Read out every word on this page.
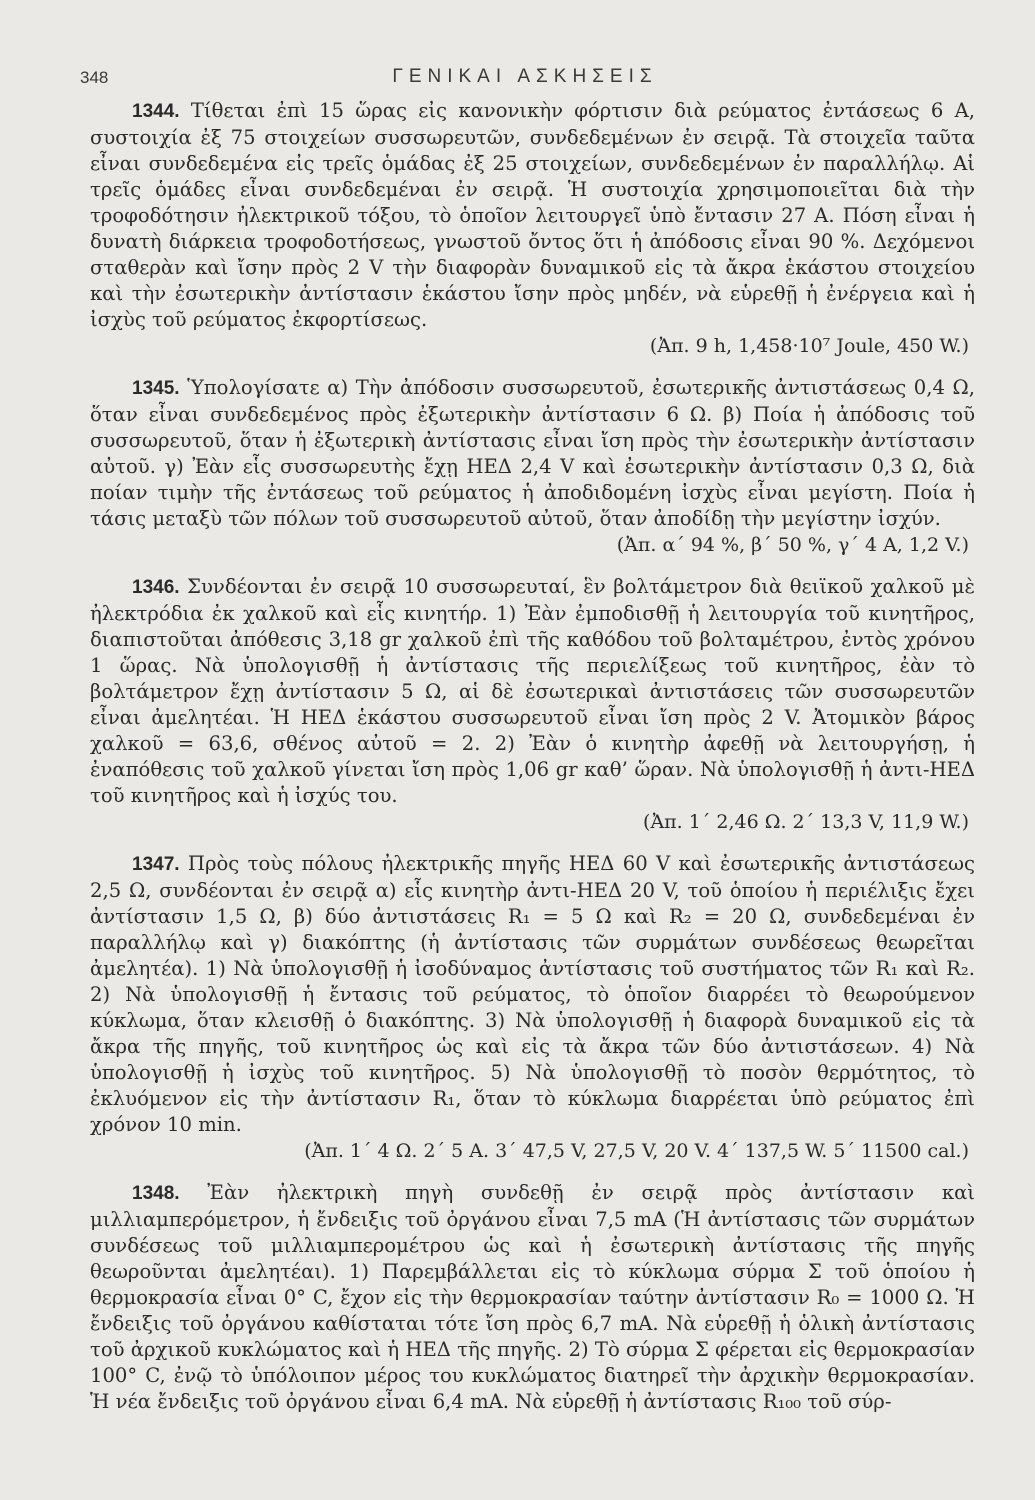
348	ΓΕΝΙΚΑΙ ΑΣΚΗΣΕΙΣ

1344. Τίθεται ἐπὶ 15 ὥρας εἰς κανονικὴν φόρτισιν διὰ ρεύματος ἐντάσεως 6 A, συστοιχία ἐξ 75 στοιχείων συσσωρευτῶν, συνδεδεμένων ἐν σειρᾷ. Τὰ στοιχεῖα ταῦτα εἶναι συνδεδεμένα εἰς τρεῖς ὁμάδας ἐξ 25 στοιχείων, συνδεδεμένων ἐν παραλλήλῳ. Αἱ τρεῖς ὁμάδες εἶναι συνδεδεμέναι ἐν σειρᾷ. Ἡ συστοιχία χρησιμοποιεῖται διὰ τὴν τροφοδότησιν ἠλεκτρικοῦ τόξου, τὸ ὁποῖον λειτουργεῖ ὑπὸ ἔντασιν 27 A. Πόση εἶναι ἡ δυνατὴ διάρκεια τροφοδοτήσεως, γνωστοῦ ὄντος ὅτι ἡ ἀπόδοσις εἶναι 90 %. Δεχόμενοι σταθερὰν καὶ ἴσην πρὸς 2 V τὴν διαφορὰν δυναμικοῦ εἰς τὰ ἄκρα ἑκάστου στοιχείου καὶ τὴν ἐσωτερικὴν ἀντίστασιν ἑκάστου ἴσην πρὸς μηδέν, νὰ εὑρεθῇ ἡ ἐνέργεια καὶ ἡ ἰσχὺς τοῦ ρεύματος ἐκφορτίσεως.

(Ἀπ. 9 h, 1,458·10⁷ Joule, 450 W.)

1345. Ὑπολογίσατε α) Τὴν ἀπόδοσιν συσσωρευτοῦ, ἐσωτερικῆς ἀντιστάσεως 0,4 Ω, ὅταν εἶναι συνδεδεμένος πρὸς ἐξωτερικὴν ἀντίστασιν 6 Ω. β) Ποία ἡ ἀπόδοσις τοῦ συσσωρευτοῦ, ὅταν ἡ ἐξωτερικὴ ἀντίστασις εἶναι ἴση πρὸς τὴν ἐσωτερικὴν ἀντίστασιν αὐτοῦ. γ) Ἐὰν εἷς συσσωρευτὴς ἔχῃ ΗΕΔ 2,4 V καὶ ἐσωτερικὴν ἀντίστασιν 0,3 Ω, διὰ ποίαν τιμὴν τῆς ἐντάσεως τοῦ ρεύματος ἡ ἀποδιδομένη ἰσχὺς εἶναι μεγίστη. Ποία ἡ τάσις μεταξὺ τῶν πόλων τοῦ συσσωρευτοῦ αὐτοῦ, ὅταν ἀποδίδῃ τὴν μεγίστην ἰσχύν.

(Ἀπ. α΄ 94 %, β΄ 50 %, γ΄ 4 A, 1,2 V.)

1346. Συνδέονται ἐν σειρᾷ 10 συσσωρευταί, ἓν βολτάμετρον διὰ θειϊκοῦ χαλκοῦ μὲ ἠλεκτρόδια ἐκ χαλκοῦ καὶ εἷς κινητήρ. 1) Ἐὰν ἐμποδισθῇ ἡ λειτουργία τοῦ κινητῆρος, διαπιστοῦται ἀπόθεσις 3,18 gr χαλκοῦ ἐπὶ τῆς καθόδου τοῦ βολταμέτρου, ἐντὸς χρόνου 1 ὥρας. Νὰ ὑπολογισθῇ ἡ ἀντίστασις τῆς περιελίξεως τοῦ κινητῆρος, ἐὰν τὸ βολτάμετρον ἔχῃ ἀντίστασιν 5 Ω, αἱ δὲ ἐσωτερικαὶ ἀντιστάσεις τῶν συσσωρευτῶν εἶναι ἀμελητέαι. Ἡ ΗΕΔ ἑκάστου συσσωρευτοῦ εἶναι ἴση πρὸς 2 V. Ἀτομικὸν βάρος χαλκοῦ = 63,6, σθένος αὐτοῦ = 2. 2) Ἐὰν ὁ κινητὴρ ἀφεθῇ νὰ λειτουργήσῃ, ἡ ἐναπόθεσις τοῦ χαλκοῦ γίνεται ἴση πρὸς 1,06 gr καθ’ ὥραν. Νὰ ὑπολογισθῇ ἡ ἀντι-ΗΕΔ τοῦ κινητῆρος καὶ ἡ ἰσχύς του.

(Ἀπ. 1΄ 2,46 Ω. 2΄ 13,3 V, 11,9 W.)

1347. Πρὸς τοὺς πόλους ἠλεκτρικῆς πηγῆς ΗΕΔ 60 V καὶ ἐσωτερικῆς ἀντιστάσεως 2,5 Ω, συνδέονται ἐν σειρᾷ α) εἷς κινητὴρ ἀντι-ΗΕΔ 20 V, τοῦ ὁποίου ἡ περιέλιξις ἔχει ἀντίστασιν 1,5 Ω, β) δύο ἀντιστάσεις R₁ = 5 Ω καὶ R₂ = 20 Ω, συνδεδεμέναι ἐν παραλλήλῳ καὶ γ) διακόπτης (ἡ ἀντίστασις τῶν συρμάτων συνδέσεως θεωρεῖται ἀμελητέα). 1) Νὰ ὑπολογισθῇ ἡ ἰσοδύναμος ἀντίστασις τοῦ συστήματος τῶν R₁ καὶ R₂. 2) Νὰ ὑπολογισθῇ ἡ ἔντασις τοῦ ρεύματος, τὸ ὁποῖον διαρρέει τὸ θεωρούμενον κύκλωμα, ὅταν κλεισθῇ ὁ διακόπτης. 3) Νὰ ὑπολογισθῇ ἡ διαφορὰ δυναμικοῦ εἰς τὰ ἄκρα τῆς πηγῆς, τοῦ κινητῆρος ὡς καὶ εἰς τὰ ἄκρα τῶν δύο ἀντιστάσεων. 4) Νὰ ὑπολογισθῇ ἡ ἰσχὺς τοῦ κινητῆρος. 5) Νὰ ὑπολογισθῇ τὸ ποσὸν θερμότητος, τὸ ἐκλυόμενον εἰς τὴν ἀντίστασιν R₁, ὅταν τὸ κύκλωμα διαρρέεται ὑπὸ ρεύματος ἐπὶ χρόνον 10 min.

(Ἀπ. 1΄ 4 Ω. 2΄ 5 A. 3΄ 47,5 V, 27,5 V, 20 V. 4΄ 137,5 W. 5΄ 11500 cal.)

1348. Ἐὰν ἠλεκτρικὴ πηγὴ συνδεθῇ ἐν σειρᾷ πρὸς ἀντίστασιν καὶ μιλλιαμπερόμετρον, ἡ ἔνδειξις τοῦ ὀργάνου εἶναι 7,5 mA (Ἡ ἀντίστασις τῶν συρμάτων συνδέσεως τοῦ μιλλιαμπερομέτρου ὡς καὶ ἡ ἐσωτερικὴ ἀντίστασις τῆς πηγῆς θεωροῦνται ἀμελητέαι). 1) Παρεμβάλλεται εἰς τὸ κύκλωμα σύρμα Σ τοῦ ὁποίου ἡ θερμοκρασία εἶναι 0° C, ἔχον εἰς τὴν θερμοκρασίαν ταύτην ἀντίστασιν R₀ = 1000 Ω. Ἡ ἔνδειξις τοῦ ὀργάνου καθίσταται τότε ἴση πρὸς 6,7 mA. Νὰ εὑρεθῇ ἡ ὁλικὴ ἀντίστασις τοῦ ἀρχικοῦ κυκλώματος καὶ ἡ ΗΕΔ τῆς πηγῆς. 2) Τὸ σύρμα Σ φέρεται εἰς θερμοκρασίαν 100° C, ἐνῷ τὸ ὑπόλοιπον μέρος του κυκλώματος διατηρεῖ τὴν ἀρχικὴν θερμοκρασίαν. Ἡ νέα ἔνδειξις τοῦ ὀργάνου εἶναι 6,4 mA. Νὰ εὑρεθῇ ἡ ἀντίστασις R₁₀₀ τοῦ σύρ-
